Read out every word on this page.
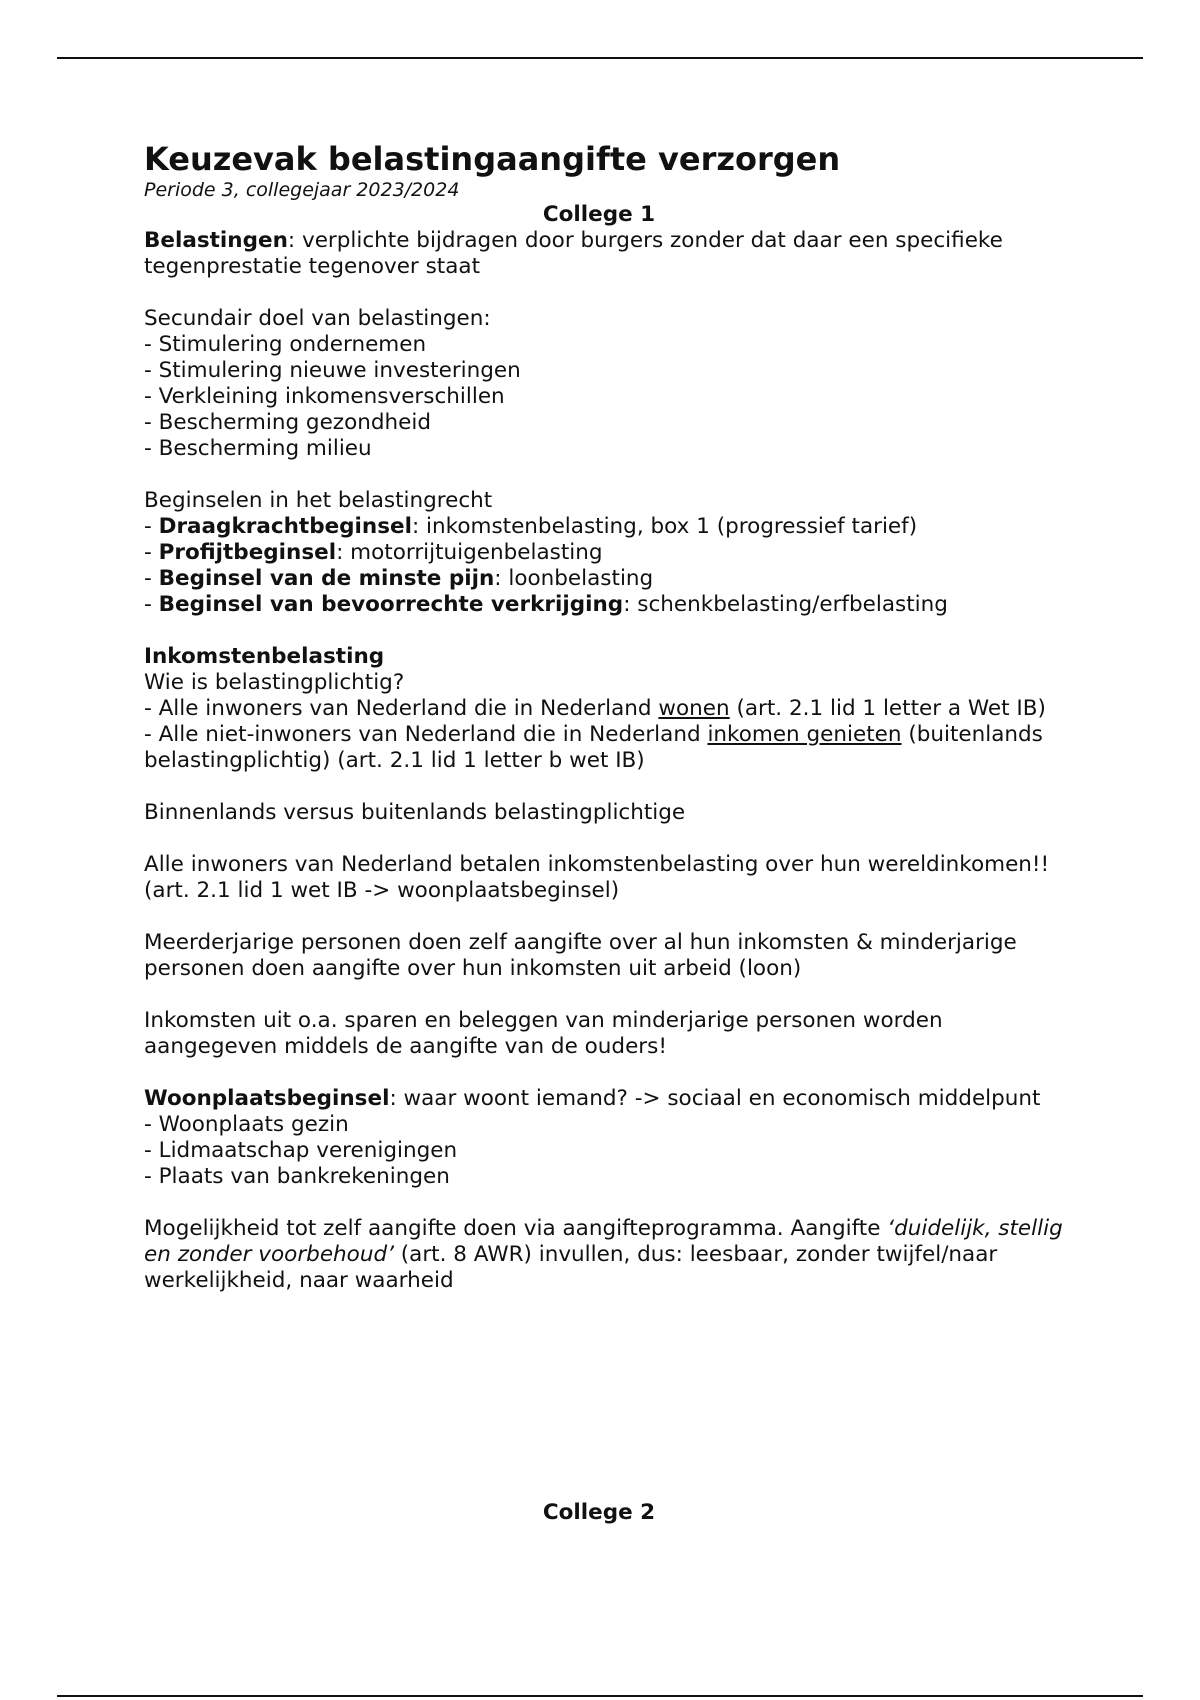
Keuzevak belastingaangifte verzorgen
Periode 3, collegejaar 2023/2024
College 1
Belastingen: verplichte bijdragen door burgers zonder dat daar een specifieke tegenprestatie tegenover staat
Secundair doel van belastingen:
- Stimulering ondernemen
- Stimulering nieuwe investeringen
- Verkleining inkomensverschillen
- Bescherming gezondheid
- Bescherming milieu
Beginselen in het belastingrecht
- Draagkrachtbeginsel: inkomstenbelasting, box 1 (progressief tarief)
- Profijtbeginsel: motorrijtuigenbelasting
- Beginsel van de minste pijn: loonbelasting
- Beginsel van bevoorrechte verkrijging: schenkbelasting/erfbelasting
Inkomstenbelasting
Wie is belastingplichtig?
- Alle inwoners van Nederland die in Nederland wonen (art. 2.1 lid 1 letter a Wet IB)
- Alle niet-inwoners van Nederland die in Nederland inkomen genieten (buitenlands belastingplichtig) (art. 2.1 lid 1 letter b wet IB)
Binnenlands versus buitenlands belastingplichtige
Alle inwoners van Nederland betalen inkomstenbelasting over hun wereldinkomen!! (art. 2.1 lid 1 wet IB -> woonplaatsbeginsel)
Meerderjarige personen doen zelf aangifte over al hun inkomsten & minderjarige personen doen aangifte over hun inkomsten uit arbeid (loon)
Inkomsten uit o.a. sparen en beleggen van minderjarige personen worden aangegeven middels de aangifte van de ouders!
Woonplaatsbeginsel: waar woont iemand? -> sociaal en economisch middelpunt
- Woonplaats gezin
- Lidmaatschap verenigingen
- Plaats van bankrekeningen
Mogelijkheid tot zelf aangifte doen via aangifteprogramma. Aangifte ‘duidelijk, stellig en zonder voorbehoud’ (art. 8 AWR) invullen, dus: leesbaar, zonder twijfel/naar werkelijkheid, naar waarheid
College 2
